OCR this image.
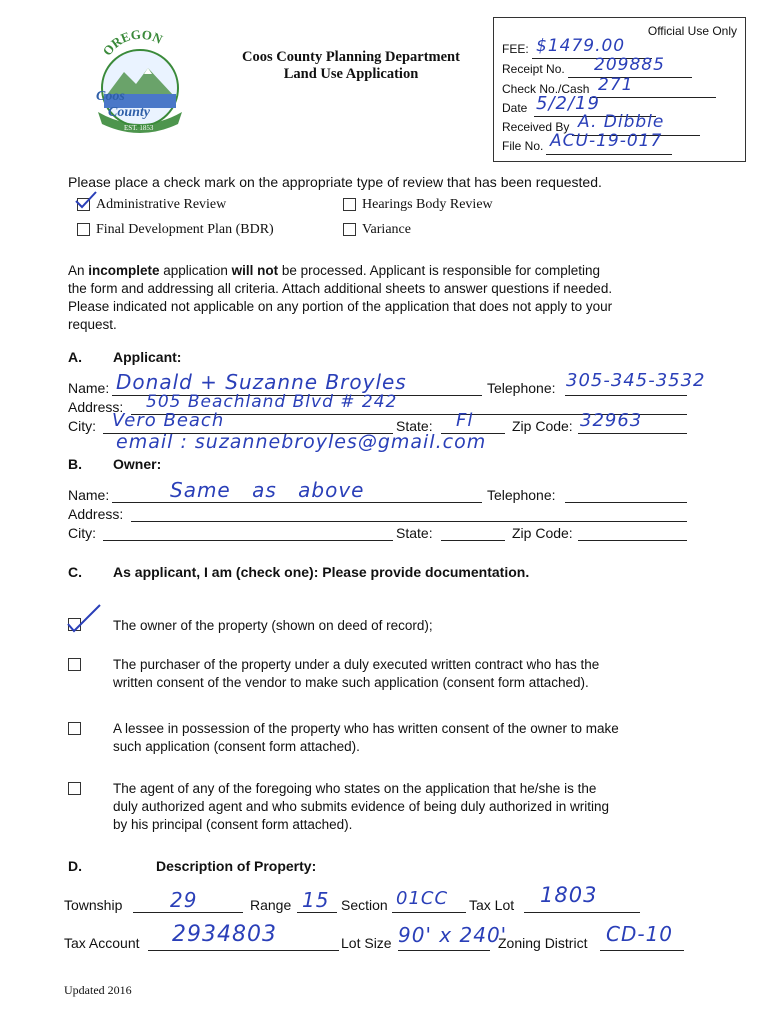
OREGON
Coos
County
EST. 1853
Coos County Planning Department
Land Use Application
Official Use Only
FEE: $1479.00
Receipt No. 209885
Check No./Cash 271
Date 5/2/19
Received By A. Dibble
File No. ACU-19-017
Please place a check mark on the appropriate type of review that has been requested.
Administrative Review	Hearings Body Review
Final Development Plan (BDR)	Variance
An incomplete application will not be processed. Applicant is responsible for completing
the form and addressing all criteria. Attach additional sheets to answer questions if needed.
Please indicated not applicable on any portion of the application that does not apply to your
request.
A. Applicant:
Name: Donald + Suzanne Broyles	Telephone: 305-345-3532
Address: 505 Beachland Blvd # 242
City: Vero Beach	State: Fl	Zip Code: 32963
email : suzannebroyles@gmail.com
B. Owner:
Name:	Same as above	Telephone:
Address:
City:	State:	Zip Code:
C. As applicant, I am (check one): Please provide documentation.
The owner of the property (shown on deed of record);
The purchaser of the property under a duly executed written contract who has the
written consent of the vendor to make such application (consent form attached).
A lessee in possession of the property who has written consent of the owner to make
such application (consent form attached).
The agent of any of the foregoing who states on the application that he/she is the
duly authorized agent and who submits evidence of being duly authorized in writing
by his principal (consent form attached).
D.	Description of Property:
Township 29	Range 15 Section 01CC Tax Lot 1803
Tax Account 2934803	Lot Size 90' x 240'
Zoning District CD-10
Updated 2016
